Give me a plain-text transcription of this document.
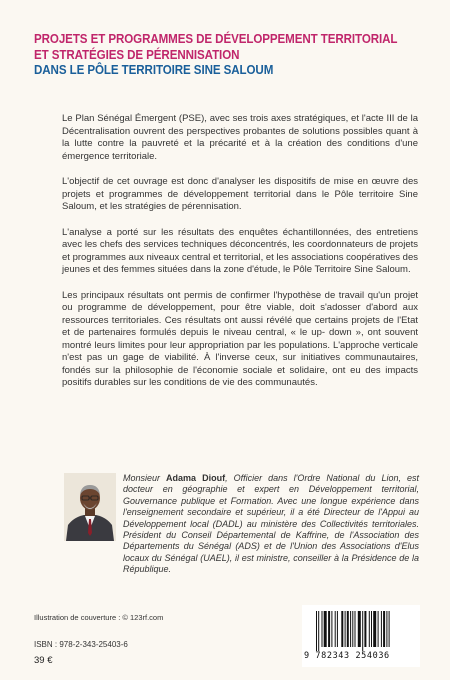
PROJETS ET PROGRAMMES DE DÉVELOPPEMENT TERRITORIAL
ET STRATÉGIES DE PÉRENNISATION
DANS LE PÔLE TERRITOIRE SINE SALOUM

Le Plan Sénégal Émergent (PSE), avec ses trois axes stratégiques, et l'acte III de la Décentralisation ouvrent des perspectives probantes de solutions possibles quant à la lutte contre la pauvreté et la précarité et à la création des conditions d'une émergence territoriale.

L'objectif de cet ouvrage est donc d'analyser les dispositifs de mise en œuvre des projets et programmes de développement territorial dans le Pôle territoire Sine Saloum, et les stratégies de pérennisation.

L'analyse a porté sur les résultats des enquêtes échantillonnées, des entretiens avec les chefs des services techniques déconcentrés, les coordonnateurs de projets et programmes aux niveaux central et territorial, et les associations coopératives des jeunes et des femmes situées dans la zone d'étude, le Pôle Territoire Sine Saloum.

Les principaux résultats ont permis de confirmer l'hypothèse de travail qu'un projet ou programme de développement, pour être viable, doit s'adosser d'abord aux ressources territoriales. Ces résultats ont aussi révélé que certains projets de l'Etat et de partenaires formulés depuis le niveau central, « le up- down », ont souvent montré leurs limites pour leur appropriation par les populations. L'approche verticale n'est pas un gage de viabilité. À l'inverse ceux, sur initiatives communautaires, fondés sur la philosophie de l'économie sociale et solidaire, ont eu des impacts positifs durables sur les conditions de vie des communautés.

Monsieur Adama Diouf, Officier dans l'Ordre National du Lion, est docteur en géographie et expert en Développement territorial, Gouvernance publique et Formation. Avec une longue expérience dans l'enseignement secondaire et supérieur, il a été Directeur de l'Appui au Développement local (DADL) au ministère des Collectivités territoriales. Président du Conseil Départemental de Kaffrine, de l'Association des Départements du Sénégal (ADS) et de l'Union des Associations d'Elus locaux du Sénégal (UAEL), il est ministre, conseiller à la Présidence de la République.
Illustration de couverture : © 123rf.com
ISBN : 978-2-343-25403-6
39 €	9 782343 254036
